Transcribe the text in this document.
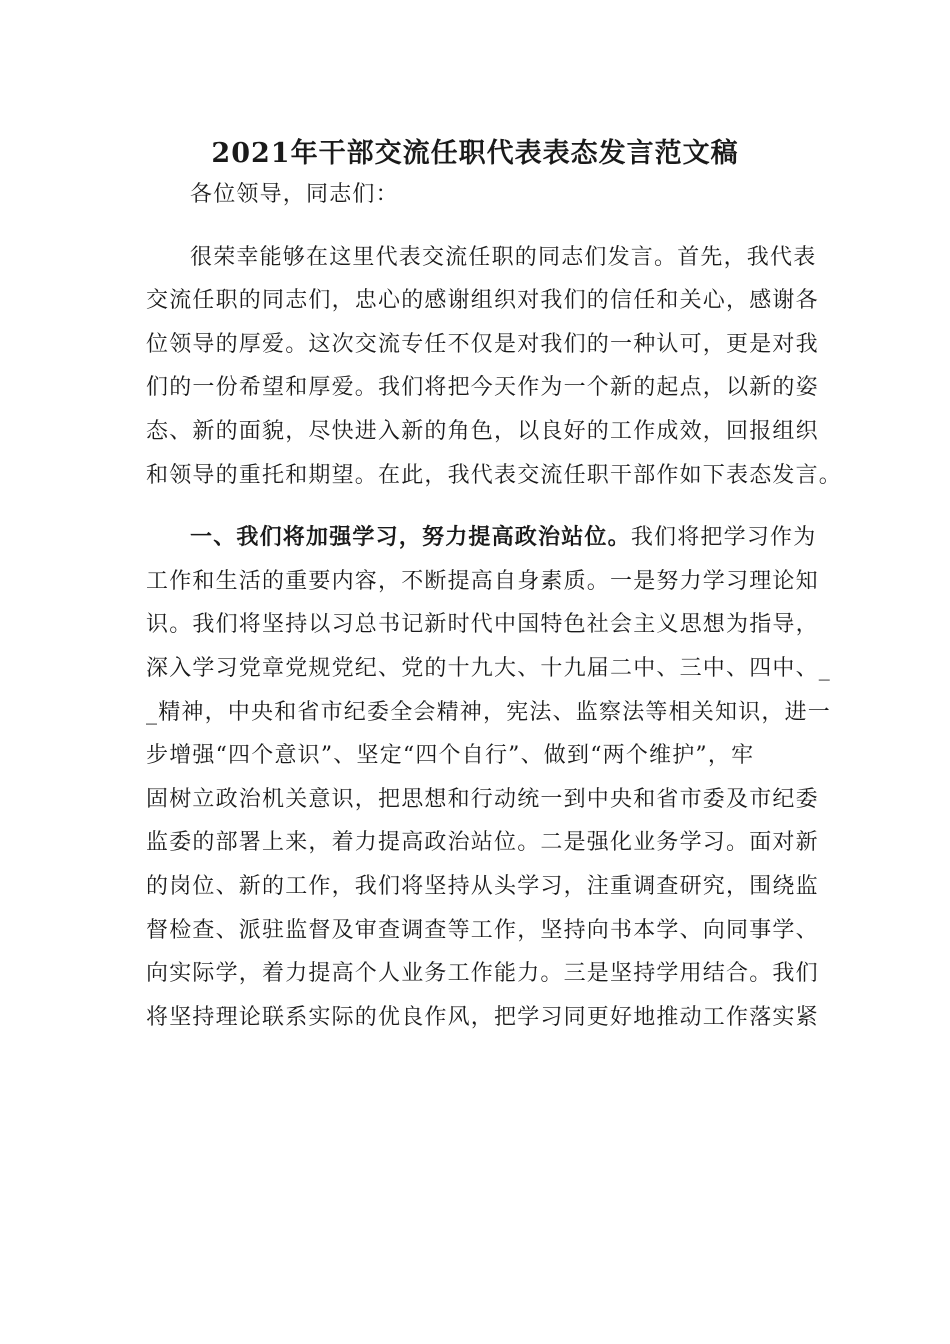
2021年干部交流任职代表表态发言范文稿
各位领导，同志们：
很荣幸能够在这里代表交流任职的同志们发言。首先，我代表
交流任职的同志们，忠心的感谢组织对我们的信任和关心，感谢各
位领导的厚爱。这次交流专任不仅是对我们的一种认可，更是对我
们的一份希望和厚爱。我们将把今天作为一个新的起点，以新的姿
态、新的面貌，尽快进入新的角色，以良好的工作成效，回报组织
和领导的重托和期望。在此，我代表交流任职干部作如下表态发言。
一、我们将加强学习，努力提高政治站位。我们将把学习作为
工作和生活的重要内容，不断提高自身素质。一是努力学习理论知
识。我们将坚持以习总书记新时代中国特色社会主义思想为指导，
深入学习党章党规党纪、党的十九大、十九届二中、三中、四中、_
_精神，中央和省市纪委全会精神，宪法、监察法等相关知识，进一
步增强“四个意识”、坚定“四个自行”、做到“两个维护”，牢
固树立政治机关意识，把思想和行动统一到中央和省市委及市纪委
监委的部署上来，着力提高政治站位。二是强化业务学习。面对新
的岗位、新的工作，我们将坚持从头学习，注重调查研究，围绕监
督检查、派驻监督及审查调查等工作，坚持向书本学、向同事学、
向实际学，着力提高个人业务工作能力。三是坚持学用结合。我们
将坚持理论联系实际的优良作风，把学习同更好地推动工作落实紧
